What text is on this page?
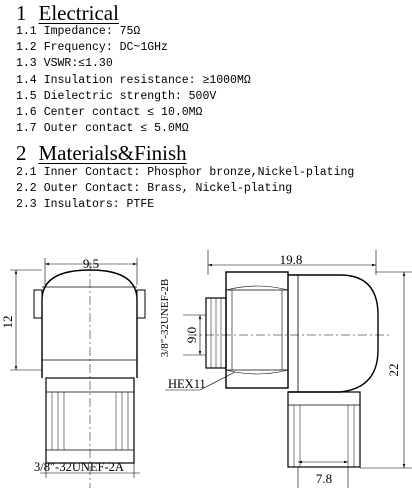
1 Electrical
1.1 Impedance: 75Ω
1.2 Frequency: DC~1GHz
1.3 VSWR:≤1.30
1.4 Insulation resistance: ≥1000MΩ
1.5 Dielectric strength: 500V
1.6 Center contact ≤ 10.0MΩ
1.7 Outer contact ≤ 5.0MΩ
2 Materials&Finish
2.1 Inner Contact: Phosphor bronze,Nickel-plating
2.2 Outer Contact: Brass, Nickel-plating
2.3 Insulators: PTFE
9.5
12
3/8″-32UNEF-2A
19.8
3/8″-32UNEF-2B 9.0
HEX11
22
7.8
